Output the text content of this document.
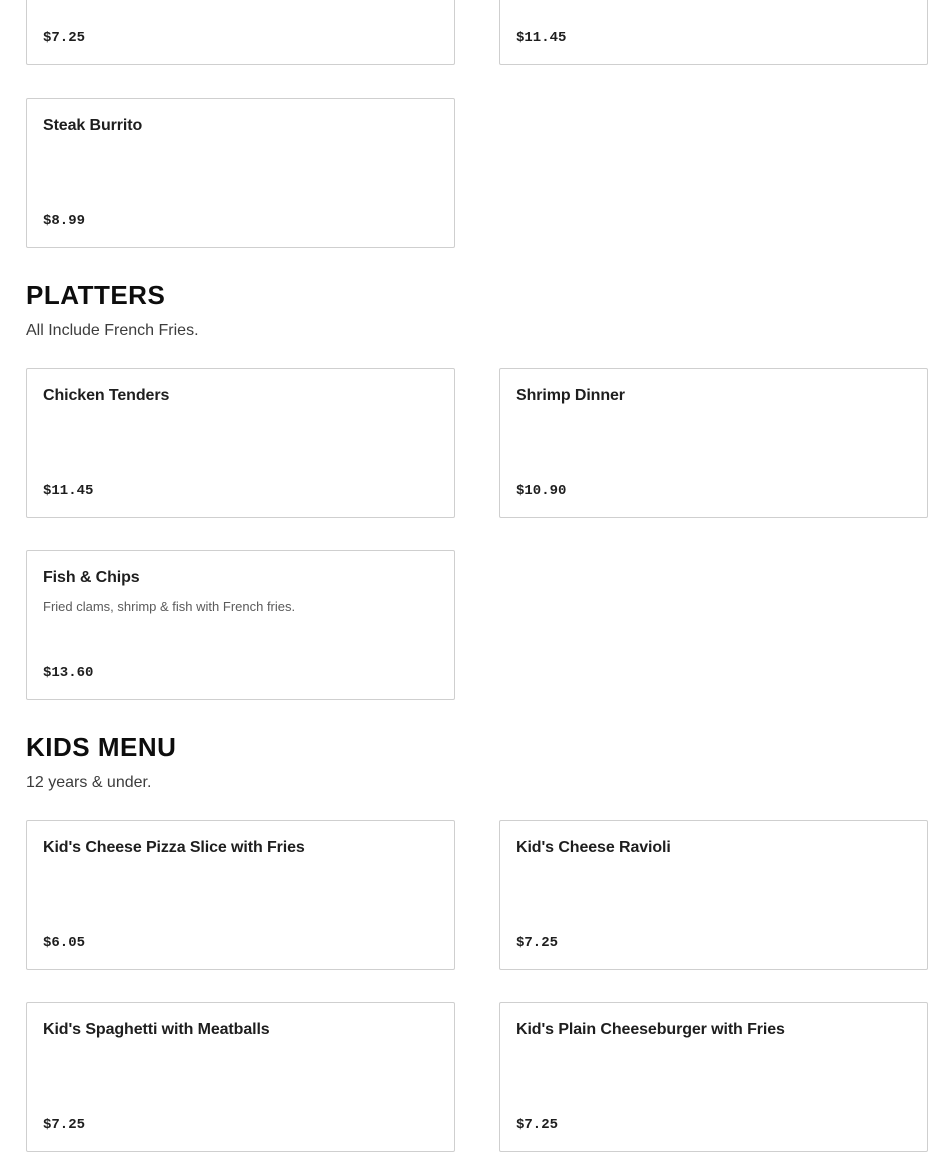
$7.25	$11.45
Steak Burrito
$8.99
PLATTERS

All Include French Fries.

Chicken Tenders
$11.45
Shrimp Dinner
$10.90
Fish & Chips
Fried clams, shrimp & fish with French fries.
$13.60
KIDS MENU

12 years & under.

Kid's Cheese Pizza Slice with Fries
$6.05
Kid's Cheese Ravioli
$7.25
Kid's Spaghetti with Meatballs
$7.25
Kid's Plain Cheeseburger with Fries
$7.25
